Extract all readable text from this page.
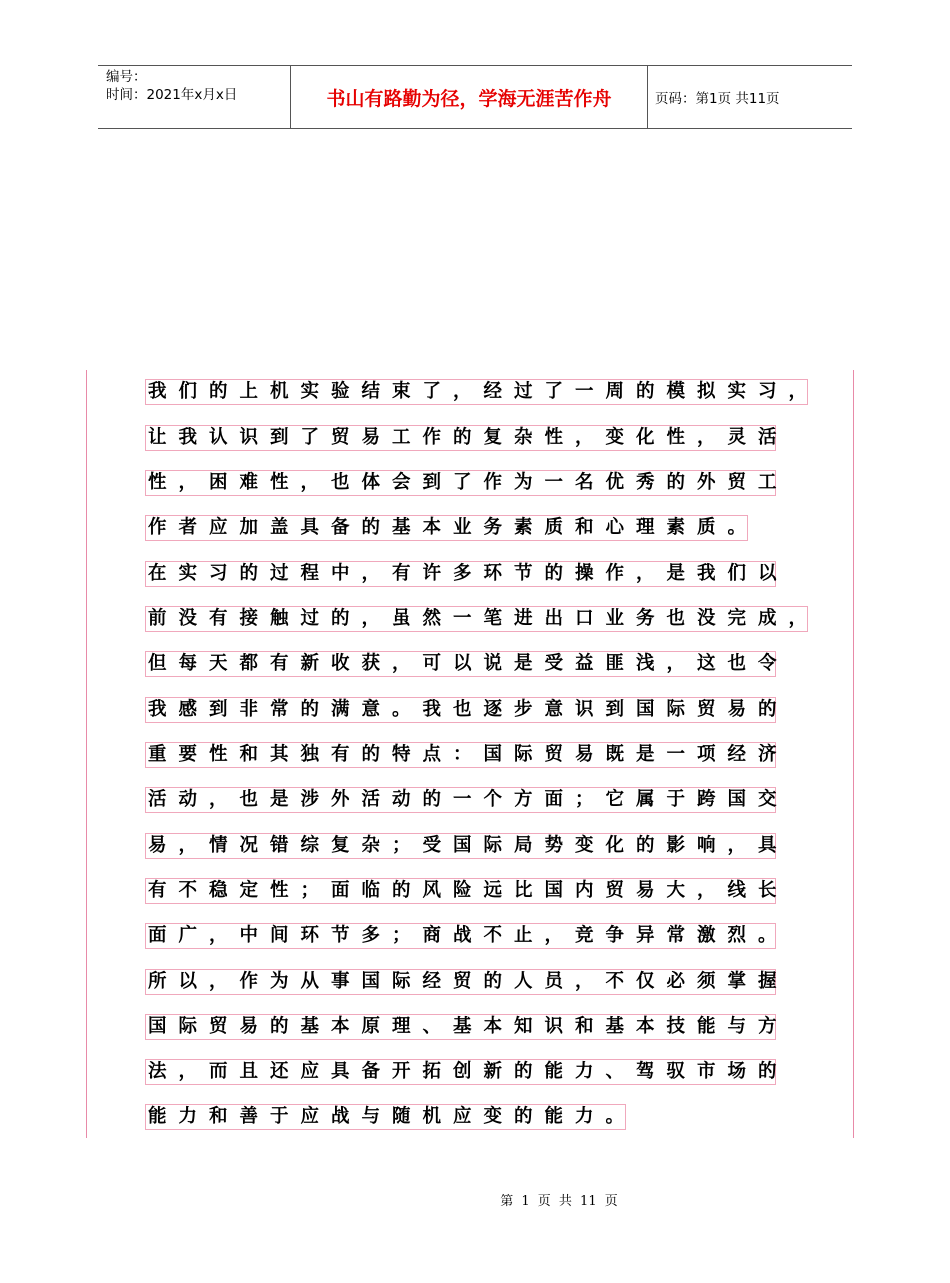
编号：
时间：2021年x月x日	书山有路勤为径，学海无涯苦作舟	页码：第1页 共11页
我们的上机实验结束了，经过了一周的模拟实习，
让我认识到了贸易工作的复杂性，变化性，灵活
性，困难性，也体会到了作为一名优秀的外贸工
作者应加盖具备的基本业务素质和心理素质。
在实习的过程中，有许多环节的操作，是我们以
前没有接触过的，虽然一笔进出口业务也没完成，
但每天都有新收获，可以说是受益匪浅，这也令
我感到非常的满意。我也逐步意识到国际贸易的
重要性和其独有的特点：国际贸易既是一项经济
活动，也是涉外活动的一个方面；它属于跨国交
易，情况错综复杂；受国际局势变化的影响，具
有不稳定性；面临的风险远比国内贸易大，线长
面广，中间环节多；商战不止，竞争异常激烈。
所以，作为从事国际经贸的人员，不仅必须掌握
国际贸易的基本原理、基本知识和基本技能与方
法，而且还应具备开拓创新的能力、驾驭市场的
能力和善于应战与随机应变的能力。
第 1 页 共 11 页
